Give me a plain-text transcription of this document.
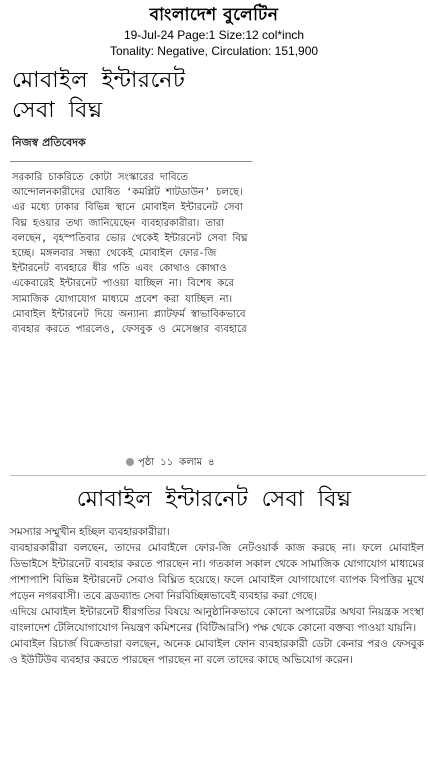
বাংলাদেশ বুলেটিন
19-Jul-24 Page:1 Size:12 col*inch
Tonality: Negative, Circulation: 151,900
মোবাইল ইন্টারনেট
সেবা বিঘ্ন
নিজস্ব প্রতিবেদক

সরকারি চাকরিতে কোটা সংস্কারের দাবিতে আন্দোলনকারীদের ঘোষিত ‘কমপ্লিট শাটডাউন’ চলছে। এর মধ্যে ঢাকার বিভিন্ন স্থানে মোবাইল ইন্টারনেট সেবা বিঘ্ন হওয়ার তথ্য জানিয়েছেন ব্যবহারকারীরা। তারা বলছেন, বৃহস্পতিবার ভোর থেকেই ইন্টারনেট সেবা বিঘ্ন হচ্ছে। মঙ্গলবার সন্ধ্যা থেকেই মোবাইল ফোর-জি ইন্টারনেট ব্যবহারে ধীর গতি এবং কোথাও কোথাও একেবারেই ইন্টারনেট পাওয়া যাচ্ছিল না। বিশেষ করে সামাজিক যোগাযোগ মাধ্যমে প্রবেশ করা যাচ্ছিল না।

মোবাইল ইন্টারনেট দিয়ে অন্যান্য প্ল্যাটফর্ম স্বাভাবিকভাবে ব্যবহার করতে পারলেও, ফেসবুক ও মেসেঞ্জার ব্যবহারে

পৃষ্ঠা ১১ কলাম ৪
মোবাইল ইন্টারনেট সেবা বিঘ্ন

সমস্যার সম্মুখীন হচ্ছিল ব্যবহারকারীরা।

ব্যবহারকারীরা বলছেন, তাদের মোবাইলে ফোর-জি নেটওয়ার্ক কাজ করছে না। ফলে মোবাইল ডিভাইসে ইন্টারনেট ব্যবহার করতে পারছেন না। গতকাল সকাল থেকে সামাজিক যোগাযোগ মাধ্যমের পাশাপাশি বিভিন্ন ইন্টারনেট সেবাও বিঘ্নিত হয়েছে। ফলে মোবাইল যোগাযোগে ব্যাপক বিপত্তির মুখে পড়েন নগরবাসী। তবে ব্রডব্যান্ড সেবা নিরবিচ্ছিন্নভাবেই ব্যবহার করা গেছে।

এদিয়ে মোবাইল ইন্টারনেট ধীরগতির বিষয়ে আনুষ্ঠানিকভাবে কোনো অপারেটর অথবা নিয়ন্ত্রক সংস্থা বাংলাদেশ টেলিযোগাযোগ নিয়ন্ত্রণ কমিশনের (বিটিআরসি) পক্ষ থেকে কোনো বক্তব্য পাওয়া যায়নি।

মোবাইল রিচার্জ বিক্রেতারা বলছেন, অনেক মোবাইল ফোন ব্যবহারকারী ডেটা কেনার পরও ফেসবুক ও ইউটিউব ব্যবহার করতে পারছেন পারছেন না বলে তাদের কাছে অভিযোগ করেন।
